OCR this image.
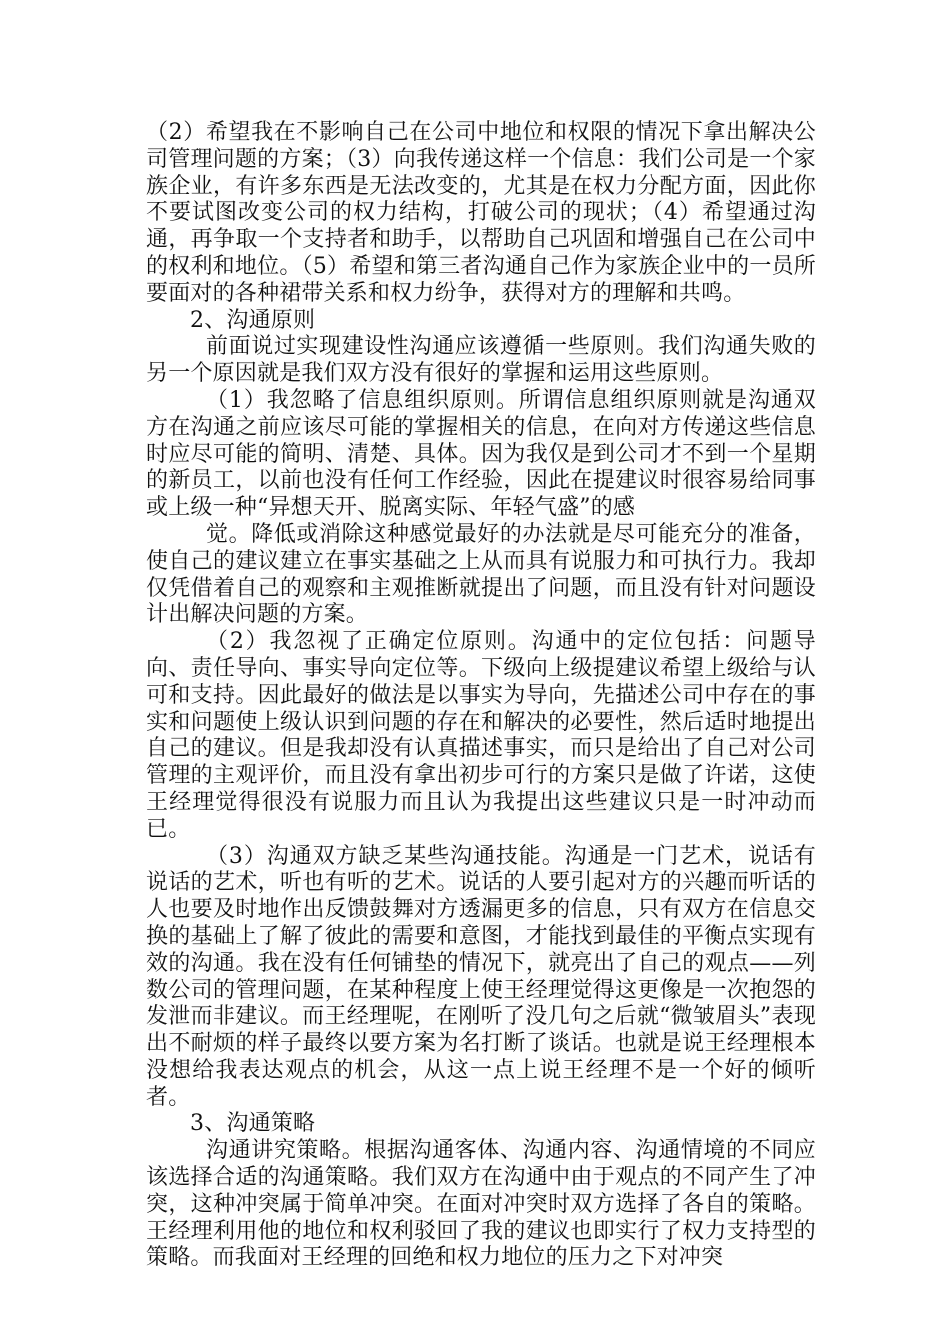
（2）希望我在不影响自己在公司中地位和权限的情况下拿出解决公司管理问题的方案；（3）向我传递这样一个信息：我们公司是一个家族企业，有许多东西是无法改变的，尤其是在权力分配方面，因此你不要试图改变公司的权力结构，打破公司的现状；（4）希望通过沟通，再争取一个支持者和助手，以帮助自己巩固和增强自己在公司中的权利和地位。（5）希望和第三者沟通自己作为家族企业中的一员所要面对的各种裙带关系和权力纷争，获得对方的理解和共鸣。

2、沟通原则

前面说过实现建设性沟通应该遵循一些原则。我们沟通失败的另一个原因就是我们双方没有很好的掌握和运用这些原则。

（1）我忽略了信息组织原则。所谓信息组织原则就是沟通双方在沟通之前应该尽可能的掌握相关的信息，在向对方传递这些信息时应尽可能的简明、清楚、具体。因为我仅是到公司才不到一个星期的新员工，以前也没有任何工作经验，因此在提建议时很容易给同事或上级一种“异想天开、脱离实际、年轻气盛”的感

觉。降低或消除这种感觉最好的办法就是尽可能充分的准备，使自己的建议建立在事实基础之上从而具有说服力和可执行力。我却仅凭借着自己的观察和主观推断就提出了问题，而且没有针对问题设计出解决问题的方案。

（2）我忽视了正确定位原则。沟通中的定位包括：问题导向、责任导向、事实导向定位等。下级向上级提建议希望上级给与认可和支持。因此最好的做法是以事实为导向，先描述公司中存在的事实和问题使上级认识到问题的存在和解决的必要性，然后适时地提出自己的建议。但是我却没有认真描述事实，而只是给出了自己对公司管理的主观评价，而且没有拿出初步可行的方案只是做了许诺，这使王经理觉得很没有说服力而且认为我提出这些建议只是一时冲动而已。

（3）沟通双方缺乏某些沟通技能。沟通是一门艺术，说话有说话的艺术，听也有听的艺术。说话的人要引起对方的兴趣而听话的人也要及时地作出反馈鼓舞对方透漏更多的信息，只有双方在信息交换的基础上了解了彼此的需要和意图，才能找到最佳的平衡点实现有效的沟通。我在没有任何铺垫的情况下，就亮出了自己的观点——列数公司的管理问题，在某种程度上使王经理觉得这更像是一次抱怨的发泄而非建议。而王经理呢，在刚听了没几句之后就“微皱眉头”表现出不耐烦的样子最终以要方案为名打断了谈话。也就是说王经理根本没想给我表达观点的机会，从这一点上说王经理不是一个好的倾听者。

3、沟通策略

沟通讲究策略。根据沟通客体、沟通内容、沟通情境的不同应该选择合适的沟通策略。我们双方在沟通中由于观点的不同产生了冲突，这种冲突属于简单冲突。在面对冲突时双方选择了各自的策略。王经理利用他的地位和权利驳回了我的建议也即实行了权力支持型的策略。而我面对王经理的回绝和权力地位的压力之下对冲突
